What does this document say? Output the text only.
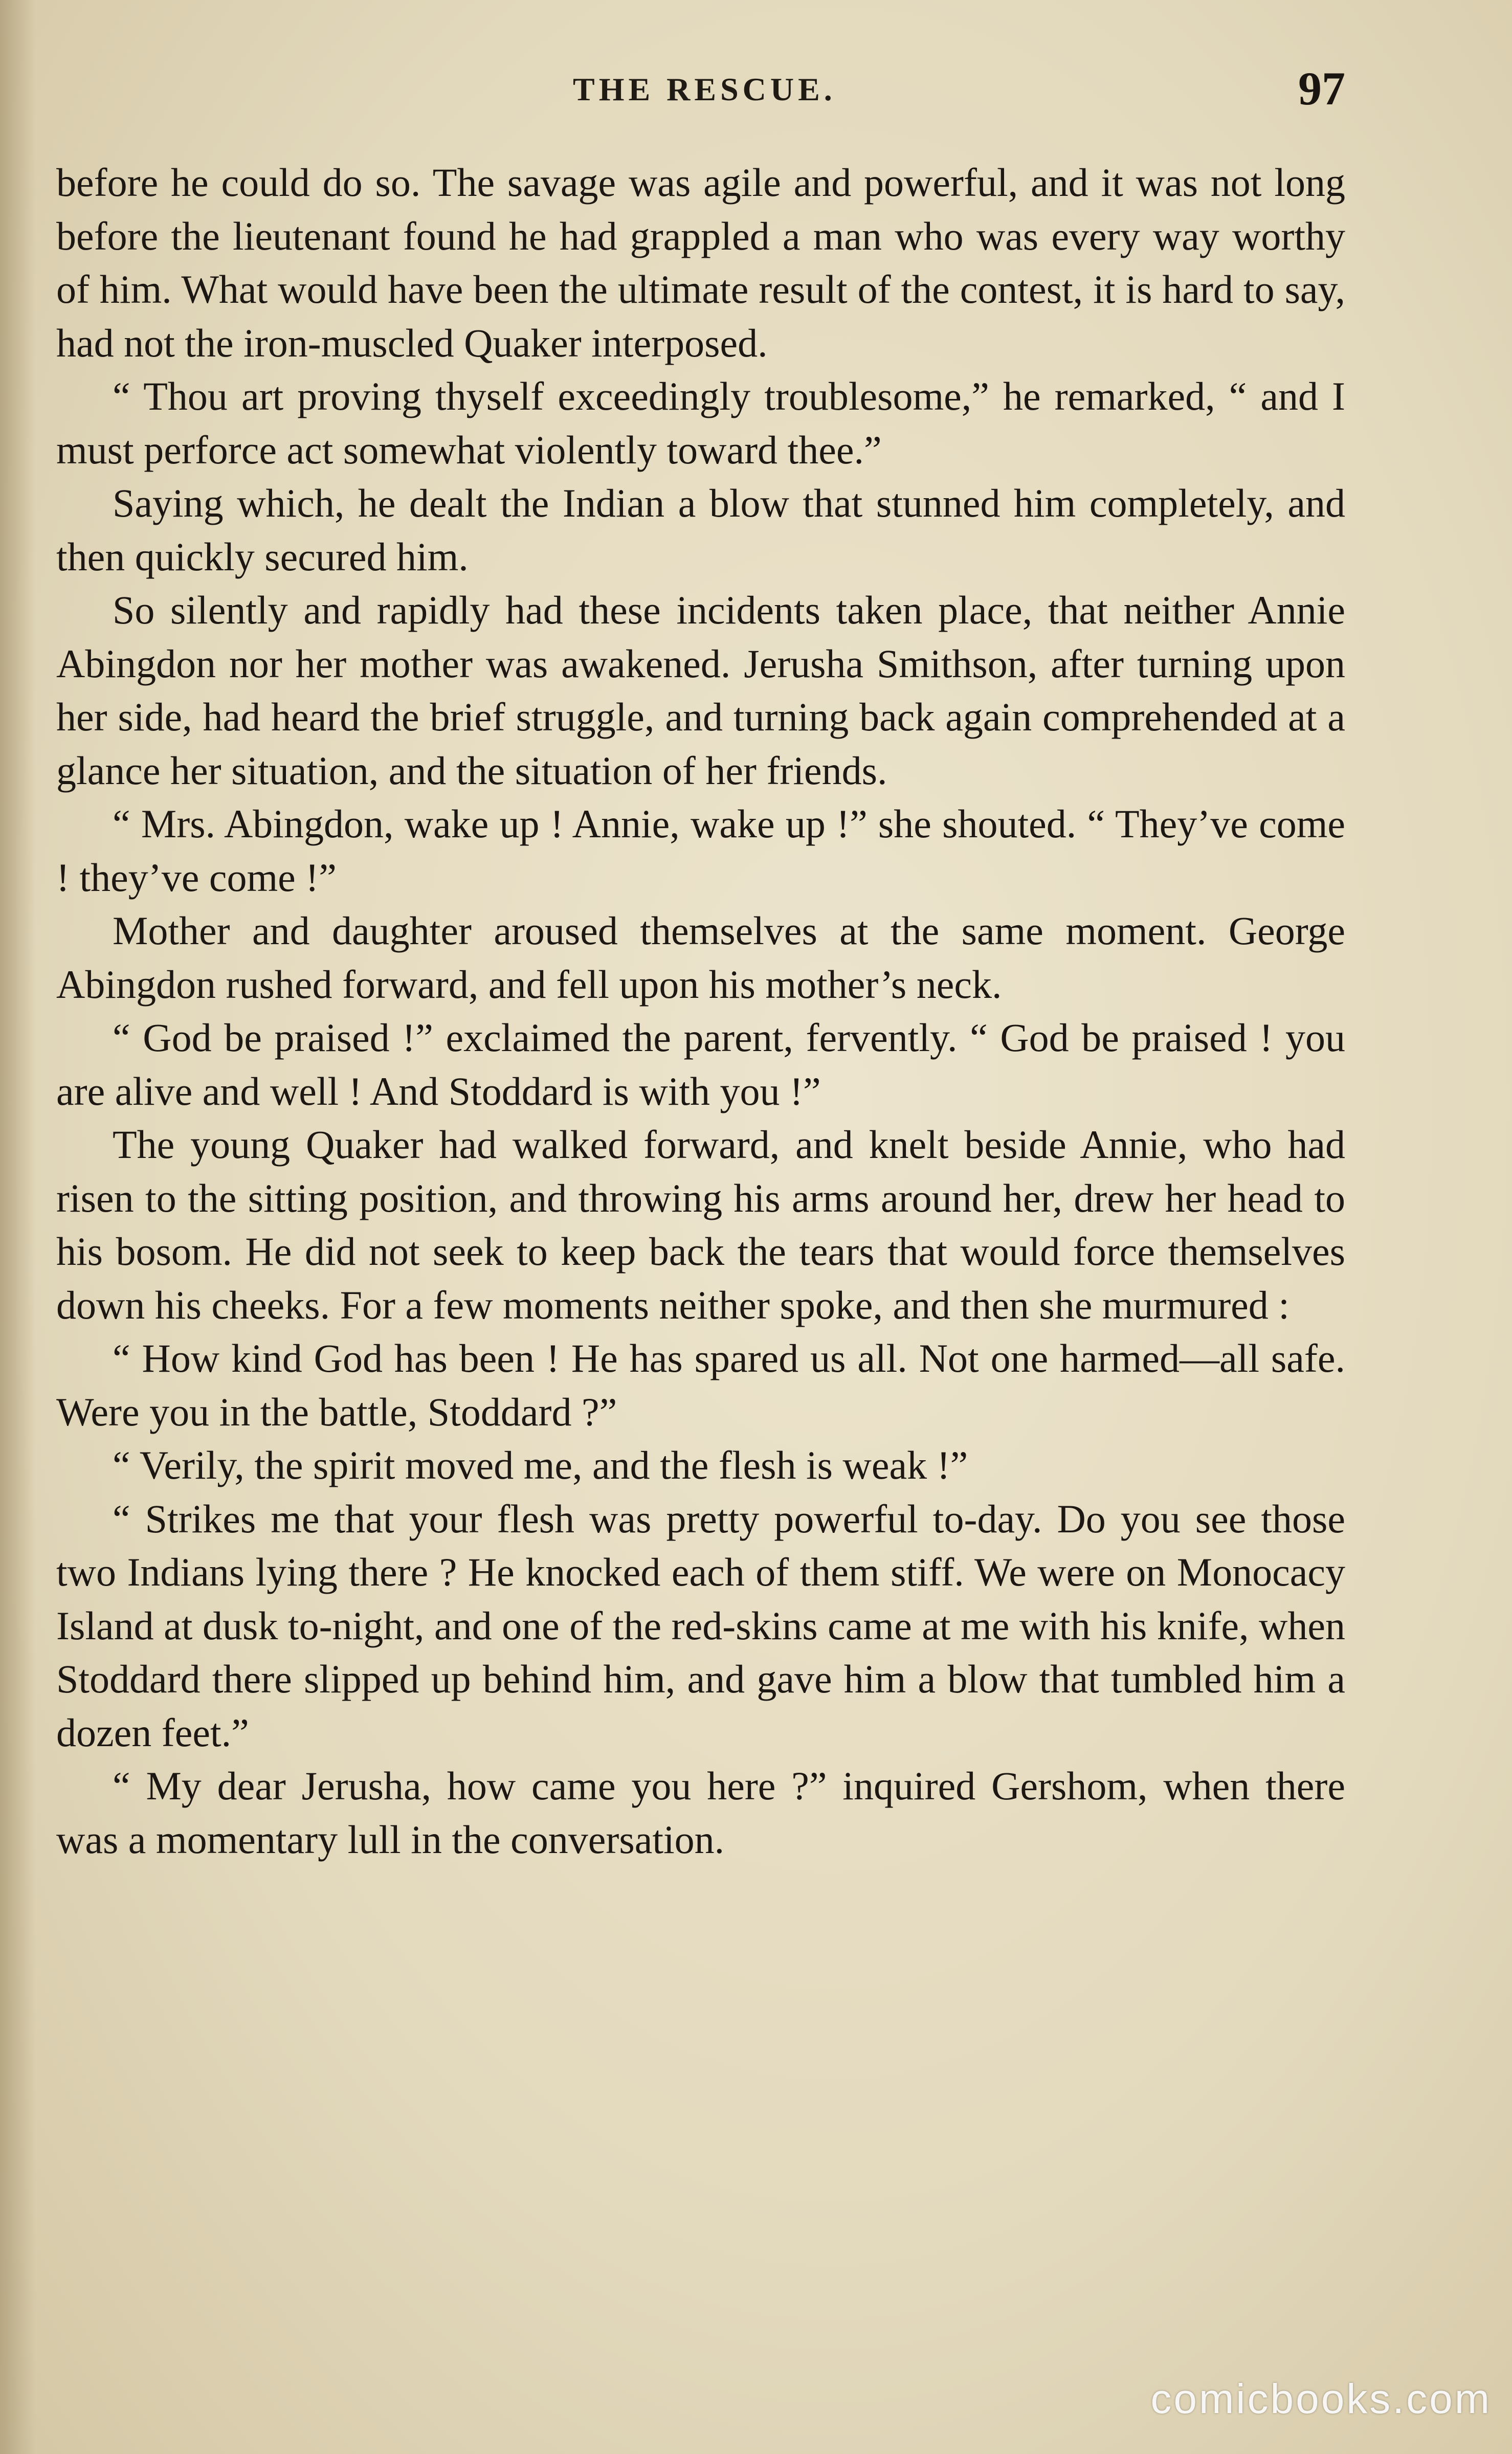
THE RESCUE.	97

before he could do so. The savage was agile and powerful, and it was not long before the lieutenant found he had grappled a man who was every way worthy of him. What would have been the ultimate result of the contest, it is hard to say, had not the iron-muscled Quaker interposed.

“ Thou art proving thyself exceedingly troublesome,” he remarked, “ and I must perforce act somewhat violently toward thee.”

Saying which, he dealt the Indian a blow that stunned him completely, and then quickly secured him.

So silently and rapidly had these incidents taken place, that neither Annie Abingdon nor her mother was awakened. Jerusha Smithson, after turning upon her side, had heard the brief struggle, and turning back again comprehended at a glance her situation, and the situation of her friends.

“ Mrs. Abingdon, wake up ! Annie, wake up !” she shouted. “ They’ve come ! they’ve come !”

Mother and daughter aroused themselves at the same moment. George Abingdon rushed forward, and fell upon his mother’s neck.

“ God be praised !” exclaimed the parent, fervently. “ God be praised ! you are alive and well ! And Stoddard is with you !”

The young Quaker had walked forward, and knelt beside Annie, who had risen to the sitting position, and throwing his arms around her, drew her head to his bosom. He did not seek to keep back the tears that would force themselves down his cheeks. For a few moments neither spoke, and then she murmured :

“ How kind God has been ! He has spared us all. Not one harmed—all safe. Were you in the battle, Stoddard ?”

“ Verily, the spirit moved me, and the flesh is weak !”

“ Strikes me that your flesh was pretty powerful to-day. Do you see those two Indians lying there ? He knocked each of them stiff. We were on Monocacy Island at dusk to-night, and one of the red-skins came at me with his knife, when Stoddard there slipped up behind him, and gave him a blow that tumbled him a dozen feet.”

“ My dear Jerusha, how came you here ?” inquired Gershom, when there was a momentary lull in the conversation.

comicbooks.com
